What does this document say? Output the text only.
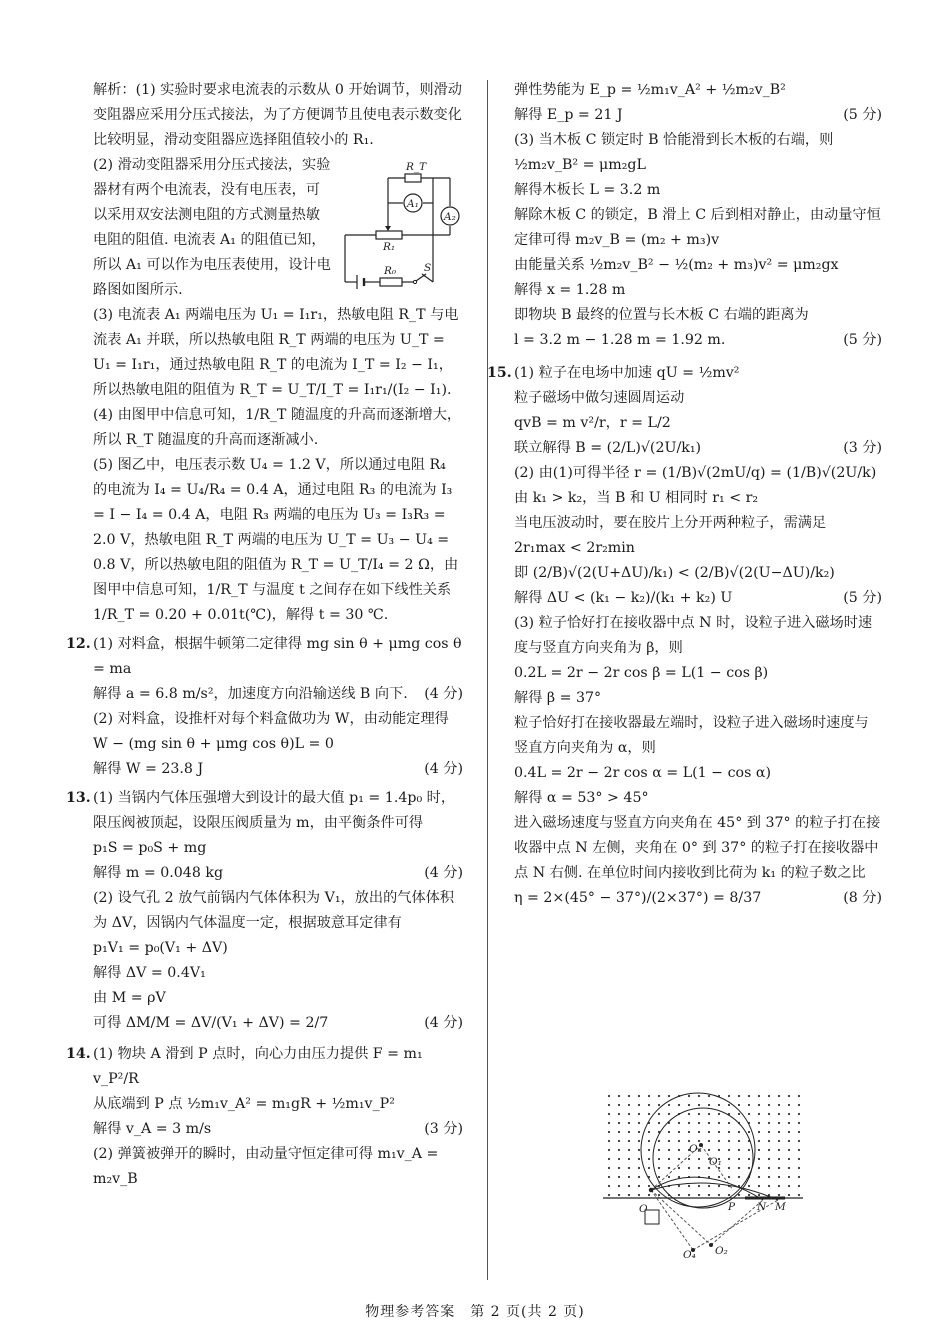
解析：(1) 实验时要求电流表的示数从 0 开始调节，则滑动变阻器应采用分压式接法，为了方便调节且使电表示数变化比较明显，滑动变阻器应选择阻值较小的 R₁.

(2) 滑动变阻器采用分压式接法，实验器材有两个电流表，没有电压表，可以采用双安法测电阻的方式测量热敏电阻的阻值. 电流表 A₁ 的阻值已知，所以 A₁ 可以作为电压表使用，设计电路图如图所示.

(3) 电流表 A₁ 两端电压为 U₁ = I₁r₁，热敏电阻 R_T 与电流表 A₁ 并联，所以热敏电阻 R_T 两端的电压为 U_T = U₁ = I₁r₁，通过热敏电阻 R_T 的电流为 I_T = I₂ − I₁，所以热敏电阻的阻值为 R_T = U_T/I_T = I₁r₁/(I₂ − I₁).

(4) 由图甲中信息可知，1/R_T 随温度的升高而逐渐增大，所以 R_T 随温度的升高而逐渐减小.

(5) 图乙中，电压表示数 U₄ = 1.2 V，所以通过电阻 R₄ 的电流为 I₄ = U₄/R₄ = 0.4 A，通过电阻 R₃ 的电流为 I₃ = I − I₄ = 0.4 A，电阻 R₃ 两端的电压为 U₃ = I₃R₃ = 2.0 V，热敏电阻 R_T 两端的电压为 U_T = U₃ − U₄ = 0.8 V，所以热敏电阻的阻值为 R_T = U_T/I₄ = 2 Ω，由图甲中信息可知，1/R_T 与温度 t 之间存在如下线性关系 1/R_T = 0.20 + 0.01t(℃)，解得 t = 30 ℃.

12. (1) 对料盒，根据牛顿第二定律得 mg sin θ + μmg cos θ = ma
解得 a = 6.8 m/s²，加速度方向沿输送线 B 向下. (4 分)

(2) 对料盒，设推杆对每个料盒做功为 W，由动能定理得 W − (mg sin θ + μmg cos θ)L = 0

解得 W = 23.8 J	(4 分)
13. (1) 当锅内气体压强增大到设计的最大值 p₁ = 1.4p₀ 时，限压阀被顶起，设限压阀质量为 m，由平衡条件可得

p₁S = p₀S + mg

解得 m = 0.048 kg	(4 分)

(2) 设气孔 2 放气前锅内气体体积为 V₁，放出的气体体积为 ΔV，因锅内气体温度一定，根据玻意耳定律有

p₁V₁ = p₀(V₁ + ΔV)

解得 ΔV = 0.4V₁

由 M = ρV

可得 ΔM/M = ΔV/(V₁ + ΔV) = 2/7	(4 分)
14. (1) 物块 A 滑到 P 点时，向心力由压力提供 F = m₁ v_P²/R

从底端到 P 点 ½m₁v_A² = m₁gR + ½m₁v_P²

解得 v_A = 3 m/s	(3 分)

(2) 弹簧被弹开的瞬时，由动量守恒定律可得 m₁v_A = m₂v_B

R_T
A₁
A₂
R₁
R₀	S

弹性势能为 E_p = ½m₁v_A² + ½m₂v_B²

解得 E_p = 21 J	(5 分)

(3) 当木板 C 锁定时 B 恰能滑到长木板的右端，则

½m₂v_B² = μm₂gL

解得木板长 L = 3.2 m

解除木板 C 的锁定，B 滑上 C 后到相对静止，由动量守恒定律可得 m₂v_B = (m₂ + m₃)v

由能量关系 ½m₂v_B² − ½(m₂ + m₃)v² = μm₂gx

解得 x = 1.28 m

即物块 B 最终的位置与长木板 C 右端的距离为

l = 3.2 m − 1.28 m = 1.92 m.	(5 分)
15. (1) 粒子在电场中加速 qU = ½mv²

粒子磁场中做匀速圆周运动

qvB = m v²/r，r = L/2

联立解得 B = (2/L)√(2U/k₁)	(3 分)

(2) 由(1)可得半径 r = (1/B)√(2mU/q) = (1/B)√(2U/k)

由 k₁ > k₂，当 B 和 U 相同时 r₁ < r₂

当电压波动时，要在胶片上分开两种粒子，需满足

2r₁max < 2r₂min

即 (2/B)√(2(U+ΔU)/k₁) < (2/B)√(2(U−ΔU)/k₂)

解得 ΔU < (k₁ − k₂)/(k₁ + k₂) U	(5 分)

(3) 粒子恰好打在接收器中点 N 时，设粒子进入磁场时速度与竖直方向夹角为 β，则

0.2L = 2r − 2r cos β = L(1 − cos β)

解得 β = 37°

粒子恰好打在接收器最左端时，设粒子进入磁场时速度与竖直方向夹角为 α，则

0.4L = 2r − 2r cos α = L(1 − cos α)

解得 α = 53° > 45°

进入磁场速度与竖直方向夹角在 45° 到 37° 的粒子打在接收器中点 N 左侧，夹角在 0° 到 37° 的粒子打在接收器中点 N 右侧. 在单位时间内接收到比荷为 k₁ 的粒子数之比

η = 2×(45° − 37°)/(2×37°) = 8/37	(8 分)
O
O₃
O₁
O₂
O₄
P N M
物理参考答案　第 2 页(共 2 页)
